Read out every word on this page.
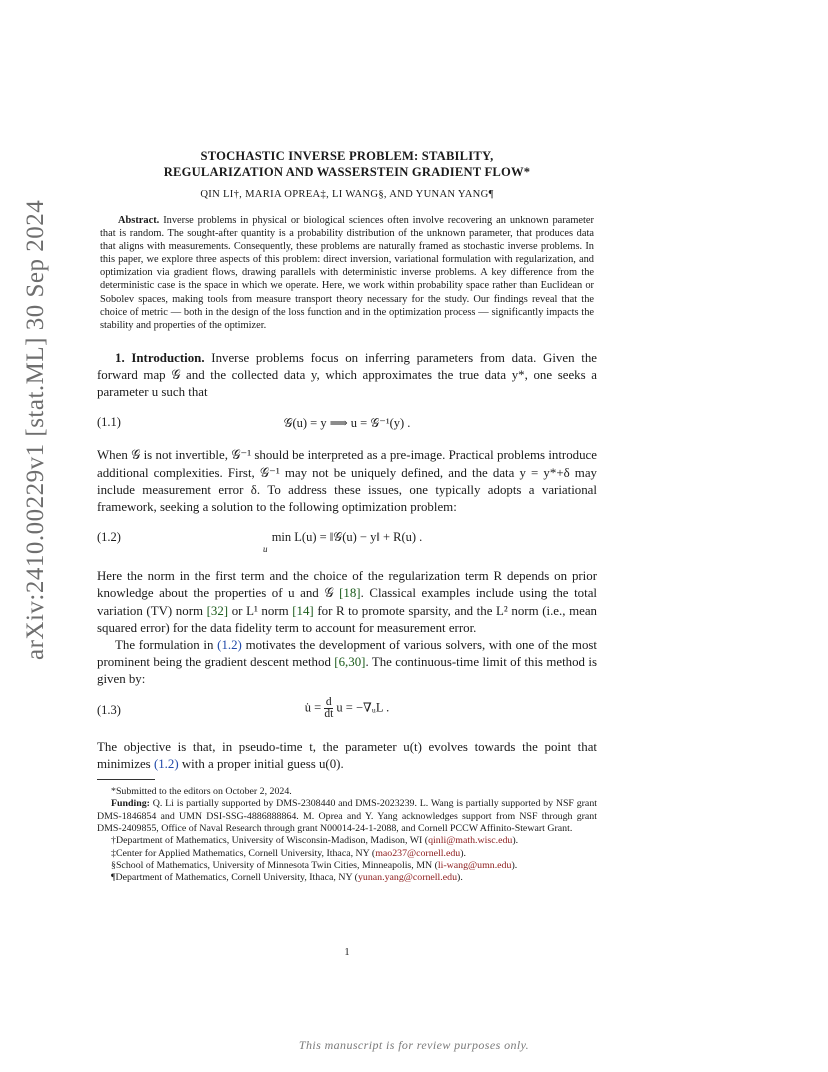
arXiv:2410.00229v1 [stat.ML] 30 Sep 2024
STOCHASTIC INVERSE PROBLEM: STABILITY,
REGULARIZATION AND WASSERSTEIN GRADIENT FLOW*
QIN LI†, MARIA OPREA‡, LI WANG§, AND YUNAN YANG¶
Abstract. Inverse problems in physical or biological sciences often involve recovering an unknown parameter that is random. The sought-after quantity is a probability distribution of the unknown parameter, that produces data that aligns with measurements. Consequently, these problems are naturally framed as stochastic inverse problems. In this paper, we explore three aspects of this problem: direct inversion, variational formulation with regularization, and optimization via gradient flows, drawing parallels with deterministic inverse problems. A key difference from the deterministic case is the space in which we operate. Here, we work within probability space rather than Euclidean or Sobolev spaces, making tools from measure transport theory necessary for the study. Our findings reveal that the choice of metric — both in the design of the loss function and in the optimization process — significantly impacts the stability and properties of the optimizer.

1. Introduction. Inverse problems focus on inferring parameters from data. Given the forward map 𝒢 and the collected data y, which approximates the true data y*, one seeks a parameter u such that

𝒢(u) = y ⟹ u = 𝒢⁻¹(y) .
(1.1)

When 𝒢 is not invertible, 𝒢⁻¹ should be interpreted as a pre-image. Practical problems introduce additional complexities. First, 𝒢⁻¹ may not be uniquely defined, and the data y = y*+δ may include measurement error δ. To address these issues, one typically adopts a variational framework, seeking a solution to the following optimization problem:

min L(u) = ‖𝒢(u) − y‖ + R(u) .
u
(1.2)

Here the norm in the first term and the choice of the regularization term R depends on prior knowledge about the properties of u and 𝒢 [18]. Classical examples include using the total variation (TV) norm [32] or L¹ norm [14] for R to promote sparsity, and the L² norm (i.e., mean squared error) for the data fidelity term to account for measurement error.

The formulation in (1.2) motivates the development of various solvers, with one of the most prominent being the gradient descent method [6,30]. The continuous-time limit of this method is given by:

u̇ = $\frac{d}{dt}$ u = −∇ᵤL .
(1.3)

The objective is that, in pseudo-time t, the parameter u(t) evolves towards the point that minimizes (1.2) with a proper initial guess u(0).

*Submitted to the editors on October 2, 2024.

Funding: Q. Li is partially supported by DMS-2308440 and DMS-2023239. L. Wang is partially supported by NSF grant DMS-1846854 and UMN DSI-SSG-4886888864. M. Oprea and Y. Yang acknowledges support from NSF through grant DMS-2409855, Office of Naval Research through grant N00014-24-1-2088, and Cornell PCCW Affinito-Stewart Grant.

†Department of Mathematics, University of Wisconsin-Madison, Madison, WI (qinli@math.wisc.edu).

‡Center for Applied Mathematics, Cornell University, Ithaca, NY (mao237@cornell.edu).

§School of Mathematics, University of Minnesota Twin Cities, Minneapolis, MN (li-wang@umn.edu).

¶Department of Mathematics, Cornell University, Ithaca, NY (yunan.yang@cornell.edu).

1
This manuscript is for review purposes only.
